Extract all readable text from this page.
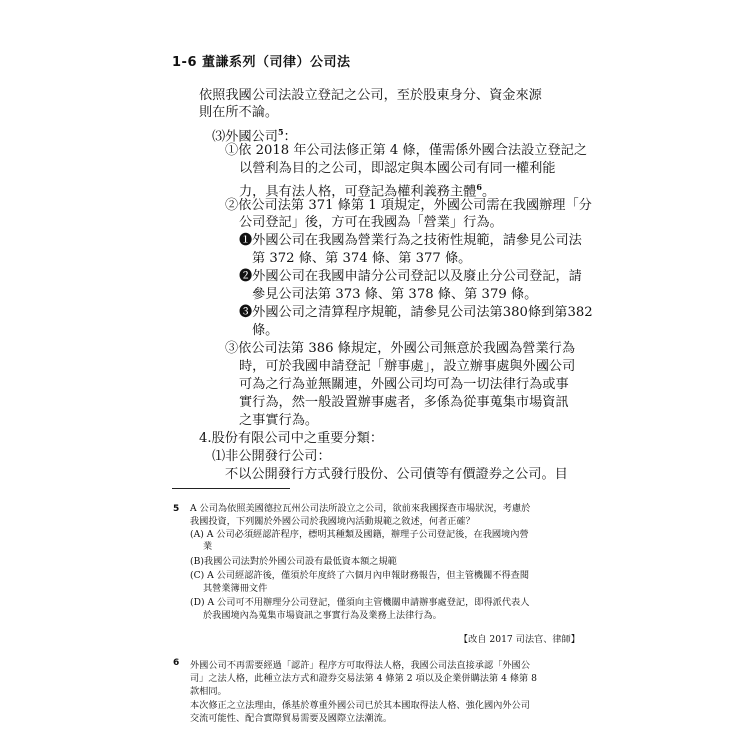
1-6 董謙系列（司律）公司法
依照我國公司法設立登記之公司，至於股東身分、資金來源
則在所不論。
⑶外國公司$^5$：
①依 2018 年公司法修正第 4 條，僅需係外國合法設立登記之
以營利為目的之公司，即認定與本國公司有同一權利能
力，具有法人格，可登記為權利義務主體$^6$。
②依公司法第 371 條第 1 項規定，外國公司需在我國辦理「分
公司登記」後，方可在我國為「營業」行為。
❶外國公司在我國為營業行為之技術性規範，請參見公司法
第 372 條、第 374 條、第 377 條。
❷外國公司在我國申請分公司登記以及廢止分公司登記，請
參見公司法第 373 條、第 378 條、第 379 條。
❸外國公司之清算程序規範，請參見公司法第380條到第382
條。
③依公司法第 386 條規定，外國公司無意於我國為營業行為
時，可於我國申請登記「辦事處」，設立辦事處與外國公司
可為之行為並無關連，外國公司均可為一切法律行為或事
實行為，然一般設置辦事處者，多係為從事蒐集市場資訊
之事實行為。
4.股份有限公司中之重要分類：
⑴非公開發行公司：
不以公開發行方式發行股份、公司債等有價證券之公司。目
5 A 公司為依照美國德拉瓦州公司法所設立之公司，欲前來我國探查市場狀況，考慮於
我國投資，下列關於外國公司於我國境內活動規範之敘述，何者正確？
(A) A 公司必須經認許程序，標明其種類及國籍，辦理子公司登記後，在我國境內營
業
(B)我國公司法對於外國公司設有最低資本額之規範
(C) A 公司經認許後，僅須於年度終了六個月內申報財務報告，但主管機關不得查閱
其營業簿冊文件
(D) A 公司可不用辦理分公司登記，僅須向主管機關申請辦事處登記，即得派代表人
於我國境內為蒐集市場資訊之事實行為及業務上法律行為。
【改自 2017 司法官、律師】
6 外國公司不再需要經過「認許」程序方可取得法人格，我國公司法直接承認「外國公
司」之法人格，此種立法方式和證券交易法第 4 條第 2 項以及企業併購法第 4 條第 8
款相同。
本次修正之立法理由，係基於尊重外國公司已於其本國取得法人格、強化國內外公司
交流可能性、配合實際貿易需要及國際立法潮流。
